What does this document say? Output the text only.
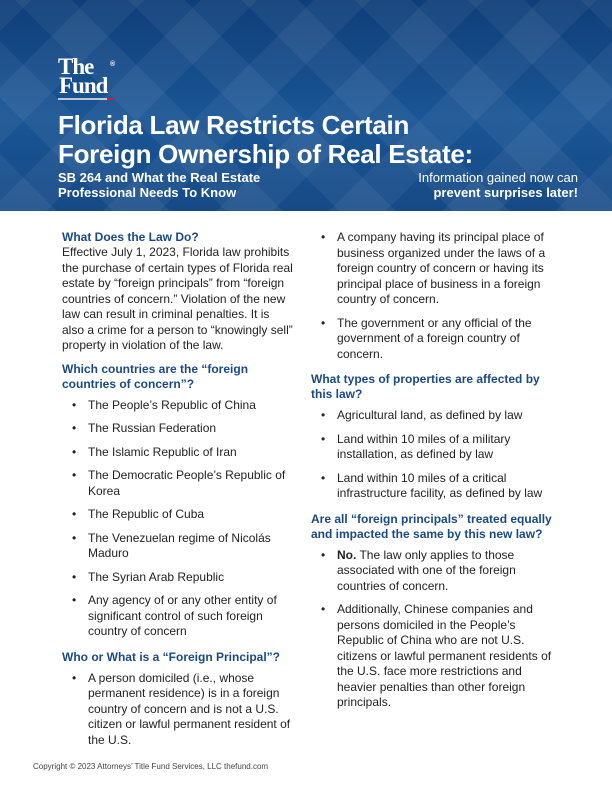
The
Fund
®
Florida Law Restricts Certain
Foreign Ownership of Real Estate:
SB 264 and What the Real Estate
Professional Needs To Know
Information gained now can
prevent surprises later!

What Does the Law Do?

Effective July 1, 2023, Florida law prohibits the purchase of certain types of Florida real estate by “foreign principals” from “foreign countries of concern.” Violation of the new law can result in criminal penalties. It is also a crime for a person to “knowingly sell” property in violation of the law.

Which countries are the “foreign countries of concern”?

• The People’s Republic of China
• The Russian Federation
• The Islamic Republic of Iran
• The Democratic People’s Republic of Korea
• The Republic of Cuba
• The Venezuelan regime of Nicolás Maduro
• The Syrian Arab Republic
• Any agency of or any other entity of significant control of such foreign country of concern

Who or What is a “Foreign Principal”?

• A person domiciled (i.e., whose permanent residence) is in a foreign country of concern and is not a U.S. citizen or lawful permanent resident of the U.S.
• A company having its principal place of business organized under the laws of a foreign country of concern or having its principal place of business in a foreign country of concern.
• The government or any official of the government of a foreign country of concern.

What types of properties are affected by this law?

• Agricultural land, as defined by law
• Land within 10 miles of a military installation, as defined by law
• Land within 10 miles of a critical infrastructure facility, as defined by law

Are all “foreign principals” treated equally and impacted the same by this new law?

• No. The law only applies to those associated with one of the foreign countries of concern.
• Additionally, Chinese companies and persons domiciled in the People’s Republic of China who are not U.S. citizens or lawful permanent residents of the U.S. face more restrictions and heavier penalties than other foreign principals.
Copyright © 2023 Attorneys’ Title Fund Services, LLC thefund.com
